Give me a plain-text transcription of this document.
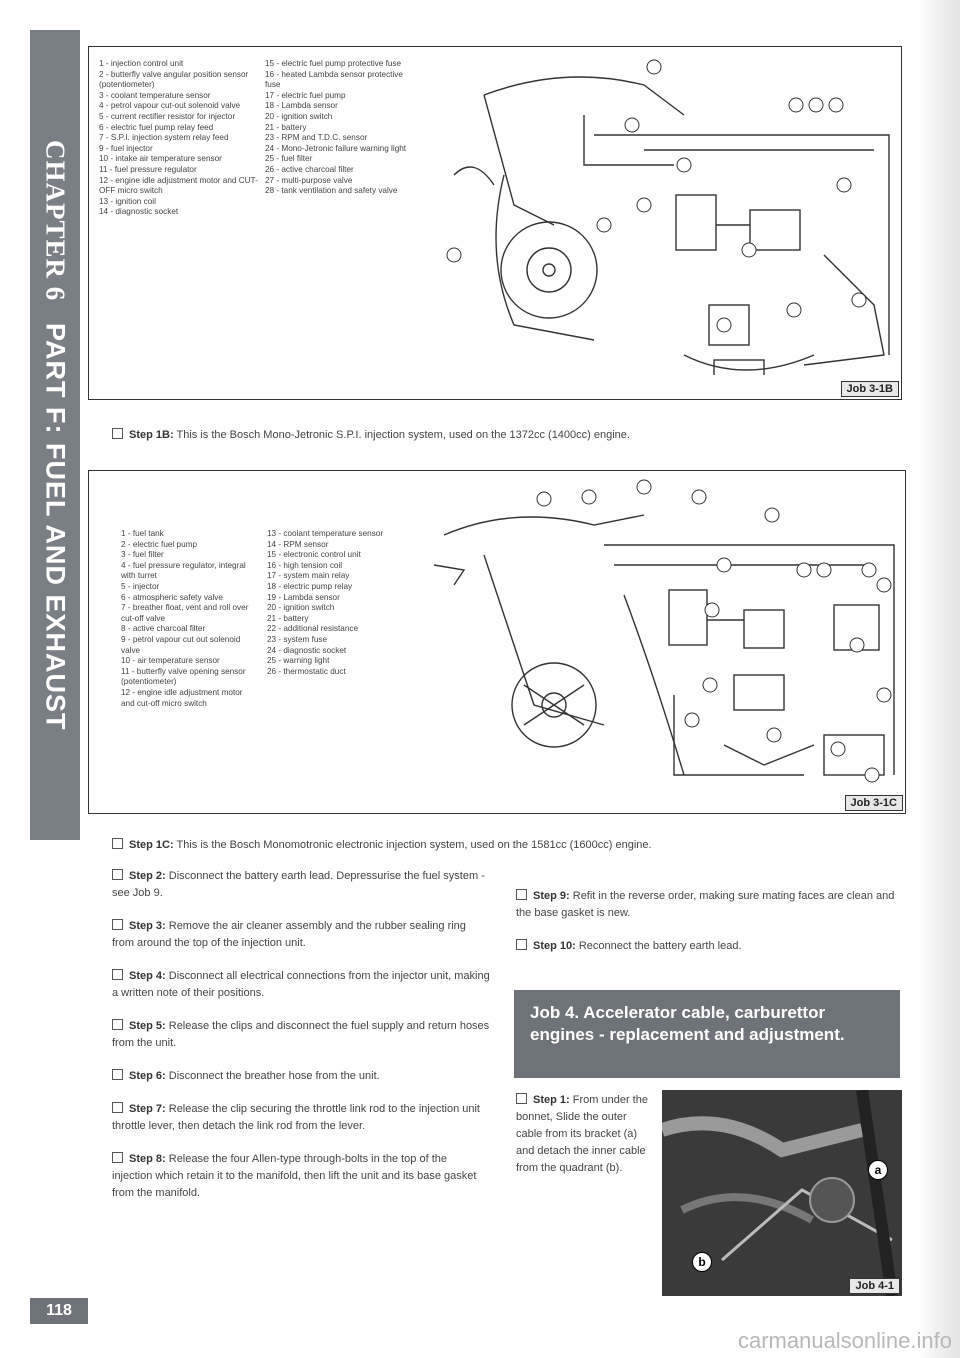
CHAPTER 6 PART F: FUEL AND EXHAUST
1 - injection control unit
2 - butterfly valve angular position sensor (potentiometer)
3 - coolant temperature sensor
4 - petrol vapour cut-out solenoid valve
5 - current rectifier resistor for injector
6 - electric fuel pump relay feed
7 - S.P.I. injection system relay feed
9 - fuel injector
10 - intake air temperature sensor
11 - fuel pressure regulator
12 - engine idle adjustment motor and CUT-OFF micro switch
13 - ignition coil
14 - diagnostic socket
15 - electric fuel pump protective fuse
16 - heated Lambda sensor protective fuse
17 - electric fuel pump
18 - Lambda sensor
20 - ignition switch
21 - battery
23 - RPM and T.D.C. sensor
24 - Mono-Jetronic failure warning light
25 - fuel filter
26 - active charcoal filter
27 - multi-purpose valve
28 - tank ventilation and safety valve
Job 3-1B
Step 1B: This is the Bosch Mono-Jetronic S.P.I. injection system, used on the 1372cc (1400cc) engine.
1 - fuel tank
2 - electric fuel pump
3 - fuel filter
4 - fuel pressure regulator, integral with turret
5 - injector
6 - atmospheric safety valve
7 - breather float, vent and roll over cut-off valve
8 - active charcoal filter
9 - petrol vapour cut out solenoid valve
10 - air temperature sensor
11 - butterfly valve opening sensor (potentiometer)
12 - engine idle adjustment motor and cut-off micro switch
13 - coolant temperature sensor
14 - RPM sensor
15 - electronic control unit
16 - high tension coil
17 - system main relay
18 - electric pump relay
19 - Lambda sensor
20 - ignition switch
21 - battery
22 - additional resistance
23 - system fuse
24 - diagnostic socket
25 - warning light
26 - thermostatic duct
Job 3-1C
Step 1C: This is the Bosch Monomotronic electronic injection system, used on the 1581cc (1600cc) engine.
Step 2: Disconnect the battery earth lead. Depressurise the fuel system - see Job 9.
Step 3: Remove the air cleaner assembly and the rubber sealing ring from around the top of the injection unit.
Step 4: Disconnect all electrical connections from the injector unit, making a written note of their positions.
Step 5: Release the clips and disconnect the fuel supply and return hoses from the unit.
Step 6: Disconnect the breather hose from the unit.
Step 7: Release the clip securing the throttle link rod to the injection unit throttle lever, then detach the link rod from the lever.
Step 8: Release the four Allen-type through-bolts in the top of the injection which retain it to the manifold, then lift the unit and its base gasket from the manifold.
Step 9: Refit in the reverse order, making sure mating faces are clean and the base gasket is new.
Step 10: Reconnect the battery earth lead.
Job 4. Accelerator cable, carburettor engines - replacement and adjustment.
Step 1: From under the bonnet, Slide the outer cable from its bracket (a) and detach the inner cable from the quadrant (b).	a
b
Job 4-1
118
carmanualsonline.info
